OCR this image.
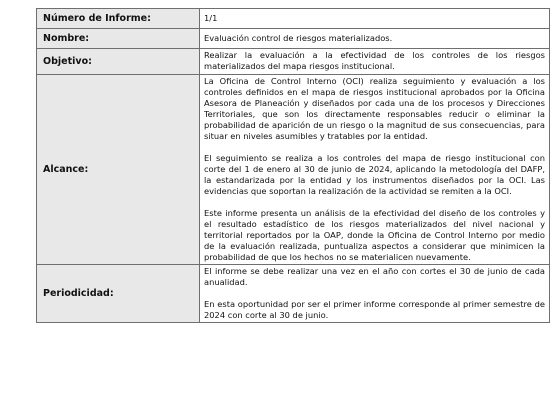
Número de Informe:	1/1

Nombre:	Evaluación control de riesgos materializados.

Objetivo:	Realizar la evaluación a la efectividad de los controles de los riesgos materializados del mapa riesgos institucional.

Alcance:	La Oficina de Control Interno (OCI) realiza seguimiento y evaluación a los controles definidos en el mapa de riesgos institucional aprobados por la Oficina Asesora de Planeación y diseñados por cada una de los procesos y Direcciones Territoriales, que son los directamente responsables reducir o eliminar la probabilidad de aparición de un riesgo o la magnitud de sus consecuencias, para situar en niveles asumibles y tratables por la entidad.

El seguimiento se realiza a los controles del mapa de riesgo institucional con corte del 1 de enero al 30 de junio de 2024, aplicando la metodología del DAFP, la estandarizada por la entidad y los instrumentos diseñados por la OCI. Las evidencias que soportan la realización de la actividad se remiten a la OCI.

Este informe presenta un análisis de la efectividad del diseño de los controles y el resultado estadístico de los riesgos materializados del nivel nacional y territorial reportados por la OAP, donde la Oficina de Control Interno por medio de la evaluación realizada, puntualiza aspectos a considerar que minimicen la probabilidad de que los hechos no se materialicen nuevamente.

Periodicidad:	El informe se debe realizar una vez en el año con cortes el 30 de junio de cada anualidad.

En esta oportunidad por ser el primer informe corresponde al primer semestre de 2024 con corte al 30 de junio.
